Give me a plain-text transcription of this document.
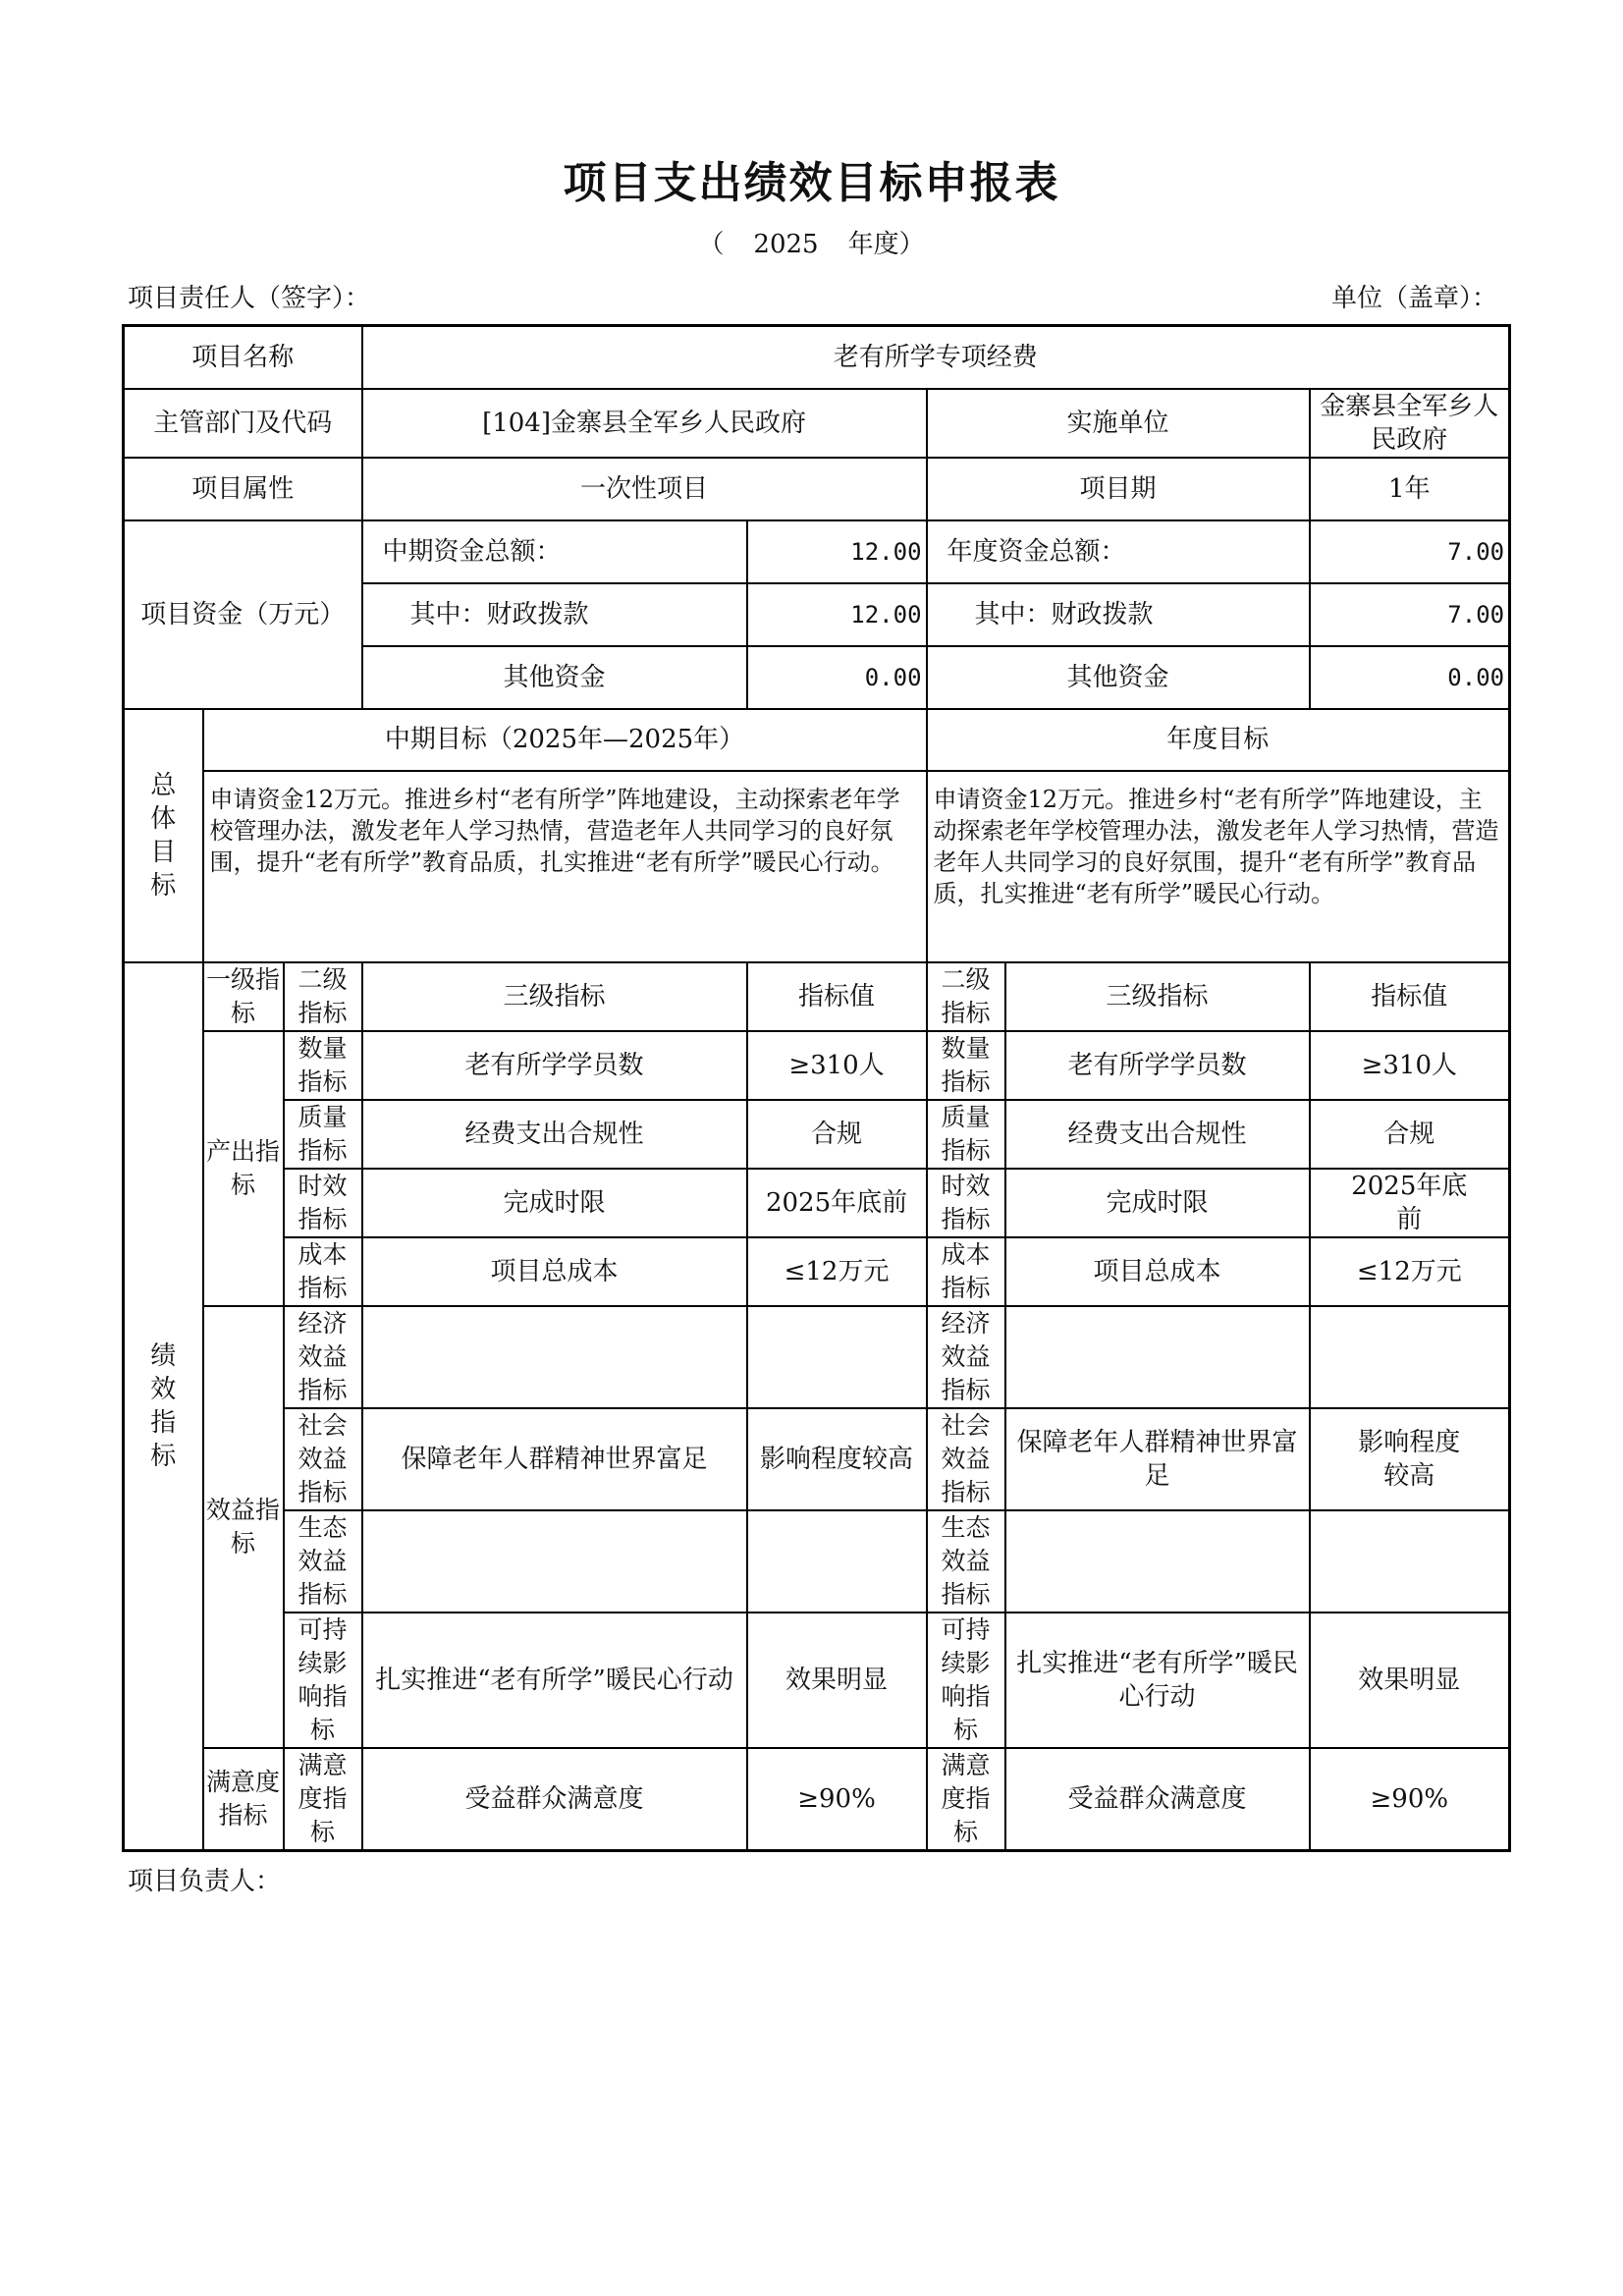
项目支出绩效目标申报表
（ 2025 年度）
项目责任人（签字）：	单位（盖章）：
项目名称			老有所学专项经费				
主管部门及代码			[104]金寨县全军乡人民政府		实施单位		金寨县全军乡人民政府
项目属性			一次性项目		项目期		1年
项目资金（万元）			中期资金总额：	12.00	年度资金总额：		7.00
			其中：财政拨款	12.00	其中：财政拨款		7.00
			其他资金	0.00	其他资金		0.00

总体目标	中期目标（2025年—2025年）				年度目标		
	申请资金12万元。推进乡村“老有所学”阵地建设，主动探索老年学校管理办法，激发老年人学习热情，营造老年人共同学习的良好氛围，提升“老有所学”教育品质，扎实推进“老有所学”暖民心行动。				申请资金12万元。推进乡村“老有所学”阵地建设，主动探索老年学校管理办法，激发老年人学习热情，营造老年人共同学习的良好氛围，提升“老有所学”教育品质，扎实推进“老有所学”暖民心行动。		

绩效指标	一级指标	二级指标	三级指标	指标值	二级指标	三级指标	指标值

	产出指标	数量指标	老有所学学员数	≥310人	数量指标	老有所学学员数	≥310人

		质量指标	经费支出合规性	合规	质量指标	经费支出合规性	合规

		时效指标	完成时限	2025年底前	时效指标	完成时限	2025年底前

		成本指标	项目总成本	≤12万元	成本指标	项目总成本	≤12万元

	效益指标	经济效益指标			经济效益指标		

		社会效益指标	保障老年人群精神世界富足	影响程度较高	社会效益指标	保障老年人群精神世界富足	影响程度较高

		生态效益指标			生态效益指标		

		可持续影响指标	扎实推进“老有所学”暖民心行动	效果明显	可持续影响指标	扎实推进“老有所学”暖民心行动	效果明显

	满意度指标	满意度指标	受益群众满意度	≥90%	满意度指标	受益群众满意度	≥90%
项目负责人：
